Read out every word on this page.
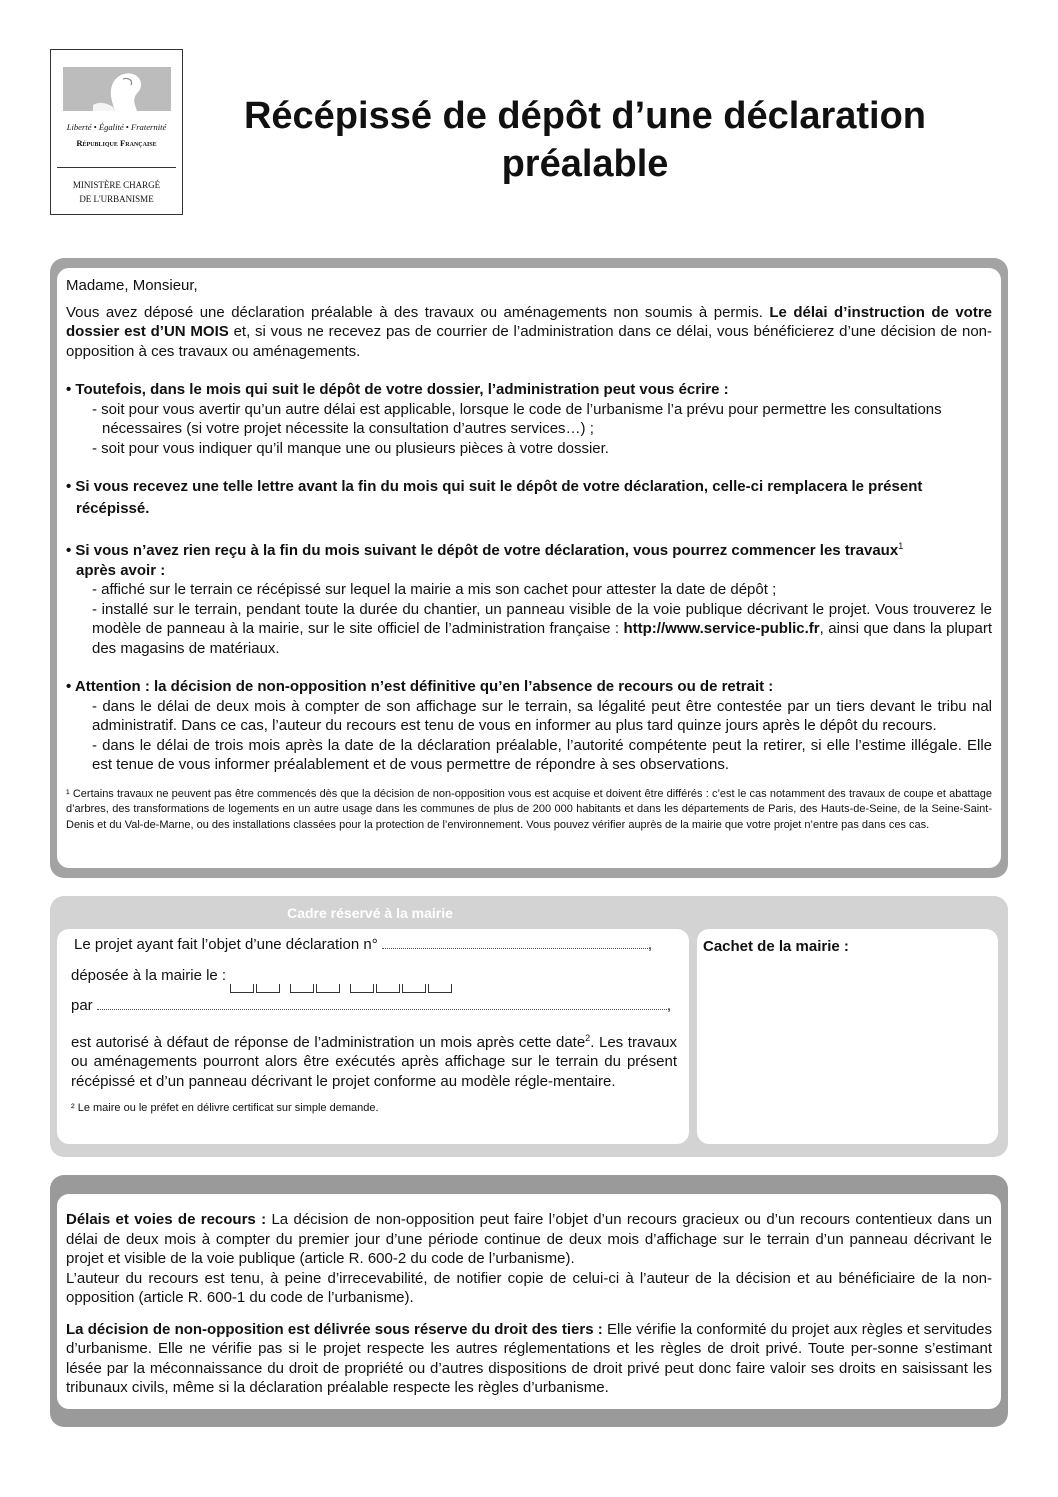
Liberté • Égalité • Fraternité
République Française
MINISTÈRE CHARGÉ
DE L'URBANISME
Récépissé de dépôt d’une déclaration
préalable

Madame, Monsieur,

Vous avez déposé une déclaration préalable à des travaux ou aménagements non soumis à permis. Le délai d’instruction de votre dossier est d’UN MOIS et, si vous ne recevez pas de courrier de l’administration dans ce délai, vous bénéficierez d’une décision de non-opposition à ces travaux ou aménagements.

• Toutefois, dans le mois qui suit le dépôt de votre dossier, l’administration peut vous écrire :

- soit pour vous avertir qu’un autre délai est applicable, lorsque le code de l’urbanisme l’a prévu pour permettre les consultations

nécessaires (si votre projet nécessite la consultation d’autres services…) ;

- soit pour vous indiquer qu’il manque une ou plusieurs pièces à votre dossier.

• Si vous recevez une telle lettre avant la fin du mois qui suit le dépôt de votre déclaration, celle-ci remplacera le présent

récépissé.

• Si vous n’avez rien reçu à la fin du mois suivant le dépôt de votre déclaration, vous pourrez commencer les travaux$^1$

après avoir :

- affiché sur le terrain ce récépissé sur lequel la mairie a mis son cachet pour attester la date de dépôt ;

- installé sur le terrain, pendant toute la durée du chantier, un panneau visible de la voie publique décrivant le projet. Vous trouverez le modèle de panneau à la mairie, sur le site officiel de l’administration française : http://www.service-public.fr, ainsi que dans la plupart des magasins de matériaux.

• Attention : la décision de non-opposition n’est définitive qu’en l’absence de recours ou de retrait :

- dans le délai de deux mois à compter de son affichage sur le terrain, sa légalité peut être contestée par un tiers devant le tribu nal administratif. Dans ce cas, l’auteur du recours est tenu de vous en informer au plus tard quinze jours après le dépôt du recours.

- dans le délai de trois mois après la date de la déclaration préalable, l’autorité compétente peut la retirer, si elle l’estime illégale. Elle est tenue de vous informer préalablement et de vous permettre de répondre à ses observations.

¹ Certains travaux ne peuvent pas être commencés dès que la décision de non-opposition vous est acquise et doivent être différés : c’est le cas notamment des travaux de coupe et abattage d’arbres, des transformations de logements en un autre usage dans les communes de plus de 200 000 habitants et dans les départements de Paris, des Hauts-de-Seine, de la Seine-Saint-Denis et du Val-de-Marne, ou des installations classées pour la protection de l’environnement. Vous pouvez vérifier auprès de la mairie que votre projet n’entre pas dans ces cas.

Cadre réservé à la mairie

Le projet ayant fait l’objet d’une déclaration n°	,

déposée à la mairie le :

par	,

est autorisé à défaut de réponse de l’administration un mois après cette date$^2$. Les travaux ou aménagements pourront alors être exécutés après affichage sur le terrain du présent récépissé et d’un panneau décrivant le projet conforme au modèle régle-mentaire.

² Le maire ou le préfet en délivre certificat sur simple demande.

Cachet de la mairie :

Délais et voies de recours : La décision de non-opposition peut faire l’objet d’un recours gracieux ou d’un recours contentieux dans un délai de deux mois à compter du premier jour d’une période continue de deux mois d’affichage sur le terrain d’un panneau décrivant le projet et visible de la voie publique (article R. 600-2 du code de l’urbanisme).

L’auteur du recours est tenu, à peine d’irrecevabilité, de notifier copie de celui-ci à l’auteur de la décision et au bénéficiaire de la non-opposition (article R. 600-1 du code de l’urbanisme).

La décision de non-opposition est délivrée sous réserve du droit des tiers : Elle vérifie la conformité du projet aux règles et servitudes d’urbanisme. Elle ne vérifie pas si le projet respecte les autres réglementations et les règles de droit privé. Toute per-sonne s’estimant lésée par la méconnaissance du droit de propriété ou d’autres dispositions de droit privé peut donc faire valoir ses droits en saisissant les tribunaux civils, même si la déclaration préalable respecte les règles d’urbanisme.
